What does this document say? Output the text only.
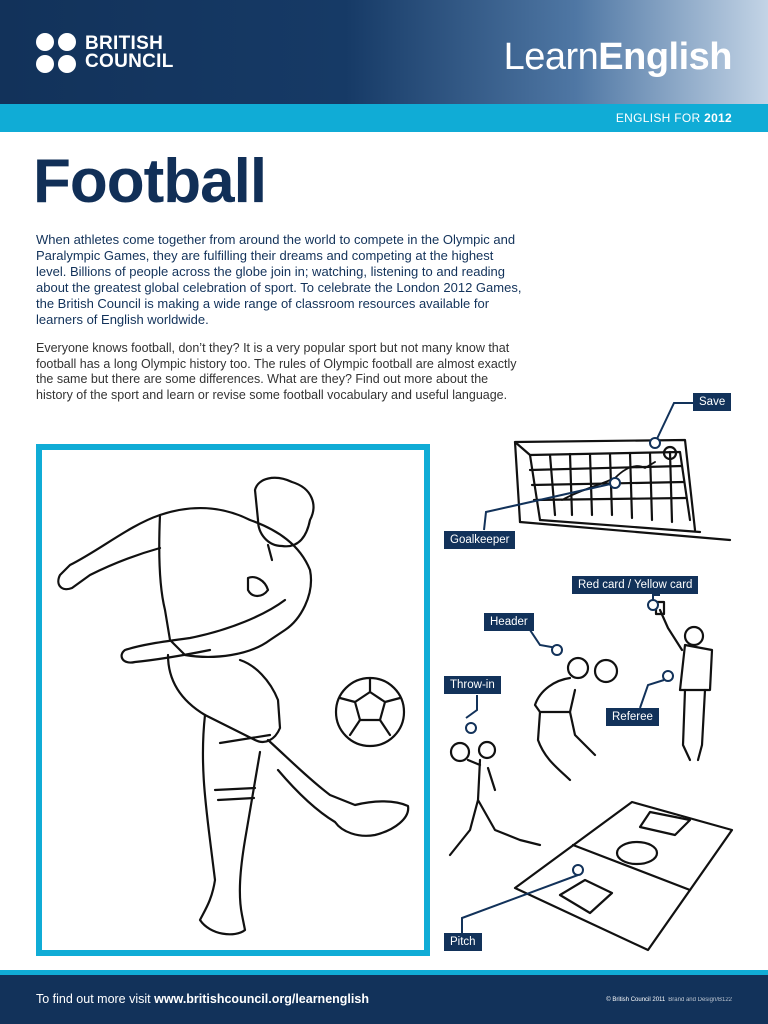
BRITISH
COUNCIL	LearnEnglish
ENGLISH FOR 2012
Football

When athletes come together from around the world to compete in the Olympic and Paralympic Games, they are fulfilling their dreams and competing at the highest level. Billions of people across the globe join in; watching, listening to and reading about the greatest global celebration of sport. To celebrate the London 2012 Games, the British Council is making a wide range of classroom resources available for learners of English worldwide.

Everyone knows football, don’t they? It is a very popular sport but not many know that football has a long Olympic history too. The rules of Olympic football are almost exactly the same but there are some differences. What are they? Find out more about the history of the sport and learn or revise some football vocabulary and useful language.

Save
Goalkeeper
Red card / Yellow card
Header
Throw-in
Referee
Pitch
To find out more visit www.britishcouncil.org/learnenglish	© British Council 2011 Brand and Design/B122
